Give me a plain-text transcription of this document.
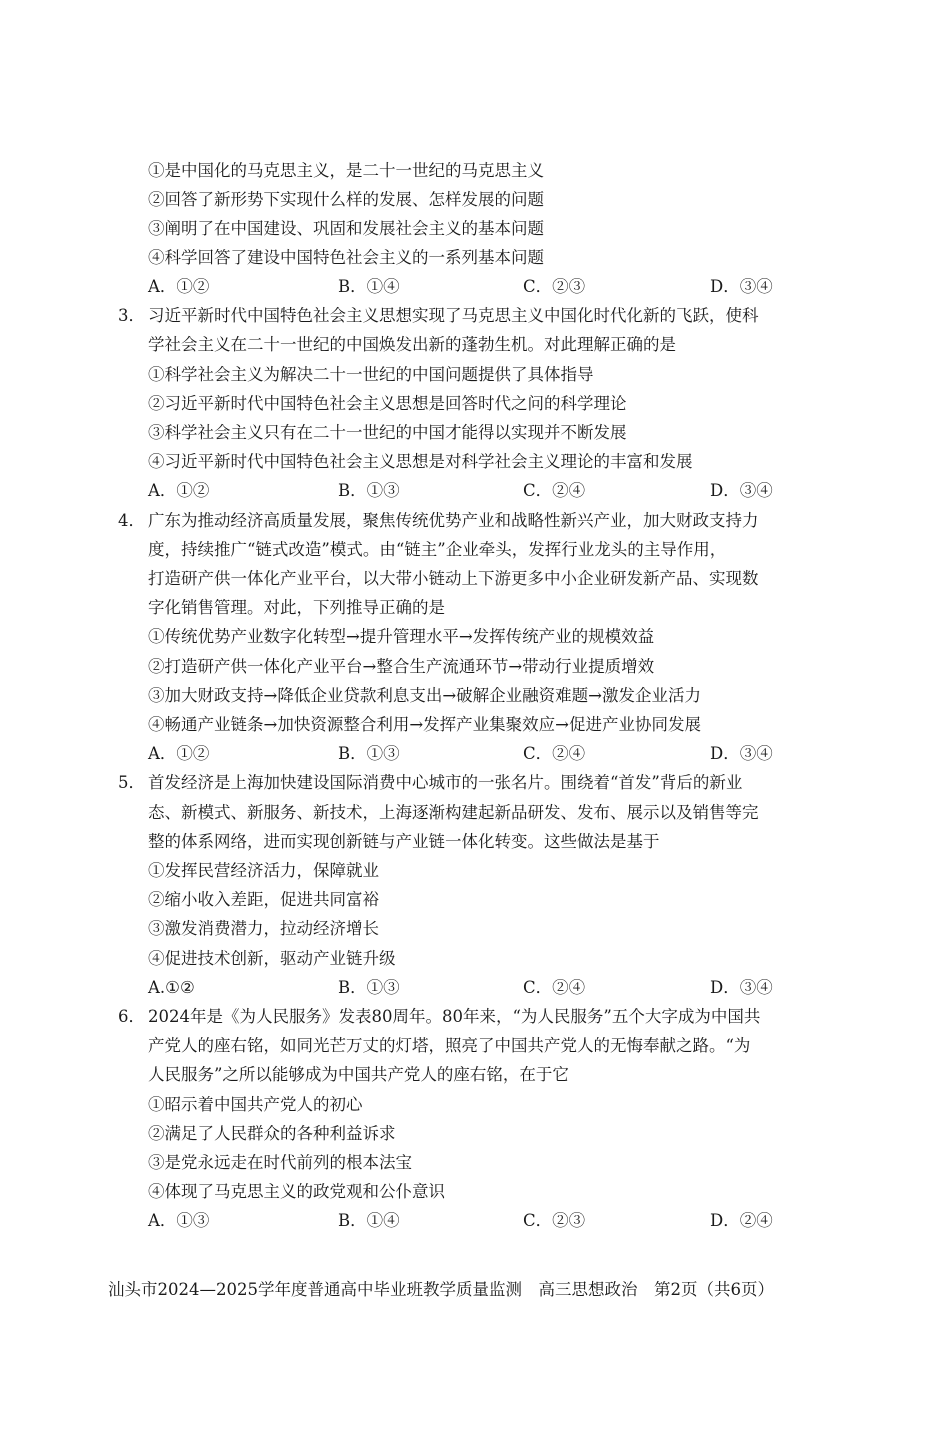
①是中国化的马克思主义，是二十一世纪的马克思主义
②回答了新形势下实现什么样的发展、怎样发展的问题
③阐明了在中国建设、巩固和发展社会主义的基本问题
④科学回答了建设中国特色社会主义的一系列基本问题
A．①②	B．①④	C．②③	D．③④
3． 习近平新时代中国特色社会主义思想实现了马克思主义中国化时代化新的飞跃，使科
学社会主义在二十一世纪的中国焕发出新的蓬勃生机。对此理解正确的是
①科学社会主义为解决二十一世纪的中国问题提供了具体指导
②习近平新时代中国特色社会主义思想是回答时代之问的科学理论
③科学社会主义只有在二十一世纪的中国才能得以实现并不断发展
④习近平新时代中国特色社会主义思想是对科学社会主义理论的丰富和发展
A．①②	B．①③	C．②④	D．③④
4． 广东为推动经济高质量发展，聚焦传统优势产业和战略性新兴产业，加大财政支持力
度，持续推广“链式改造”模式。由“链主”企业牵头，发挥行业龙头的主导作用，
打造研产供一体化产业平台，以大带小链动上下游更多中小企业研发新产品、实现数
字化销售管理。对此，下列推导正确的是
①传统优势产业数字化转型→提升管理水平→发挥传统产业的规模效益
②打造研产供一体化产业平台→整合生产流通环节→带动行业提质增效
③加大财政支持→降低企业贷款利息支出→破解企业融资难题→激发企业活力
④畅通产业链条→加快资源整合利用→发挥产业集聚效应→促进产业协同发展
A．①②	B．①③	C．②④	D．③④
5． 首发经济是上海加快建设国际消费中心城市的一张名片。围绕着“首发”背后的新业
态、新模式、新服务、新技术，上海逐渐构建起新品研发、发布、展示以及销售等完
整的体系网络，进而实现创新链与产业链一体化转变。这些做法是基于
①发挥民营经济活力，保障就业
②缩小收入差距，促进共同富裕
③激发消费潜力，拉动经济增长
④促进技术创新，驱动产业链升级
A.①②	B．①③	C．②④	D．③④
6． 2024年是《为人民服务》发表80周年。80年来，“为人民服务”五个大字成为中国共
产党人的座右铭，如同光芒万丈的灯塔，照亮了中国共产党人的无悔奉献之路。“为
人民服务”之所以能够成为中国共产党人的座右铭，在于它
①昭示着中国共产党人的初心
②满足了人民群众的各种利益诉求
③是党永远走在时代前列的根本法宝
④体现了马克思主义的政党观和公仆意识
A．①③	B．①④	C．②③	D．②④
汕头市2024—2025学年度普通高中毕业班教学质量监测　高三思想政治　第2页（共6页）
